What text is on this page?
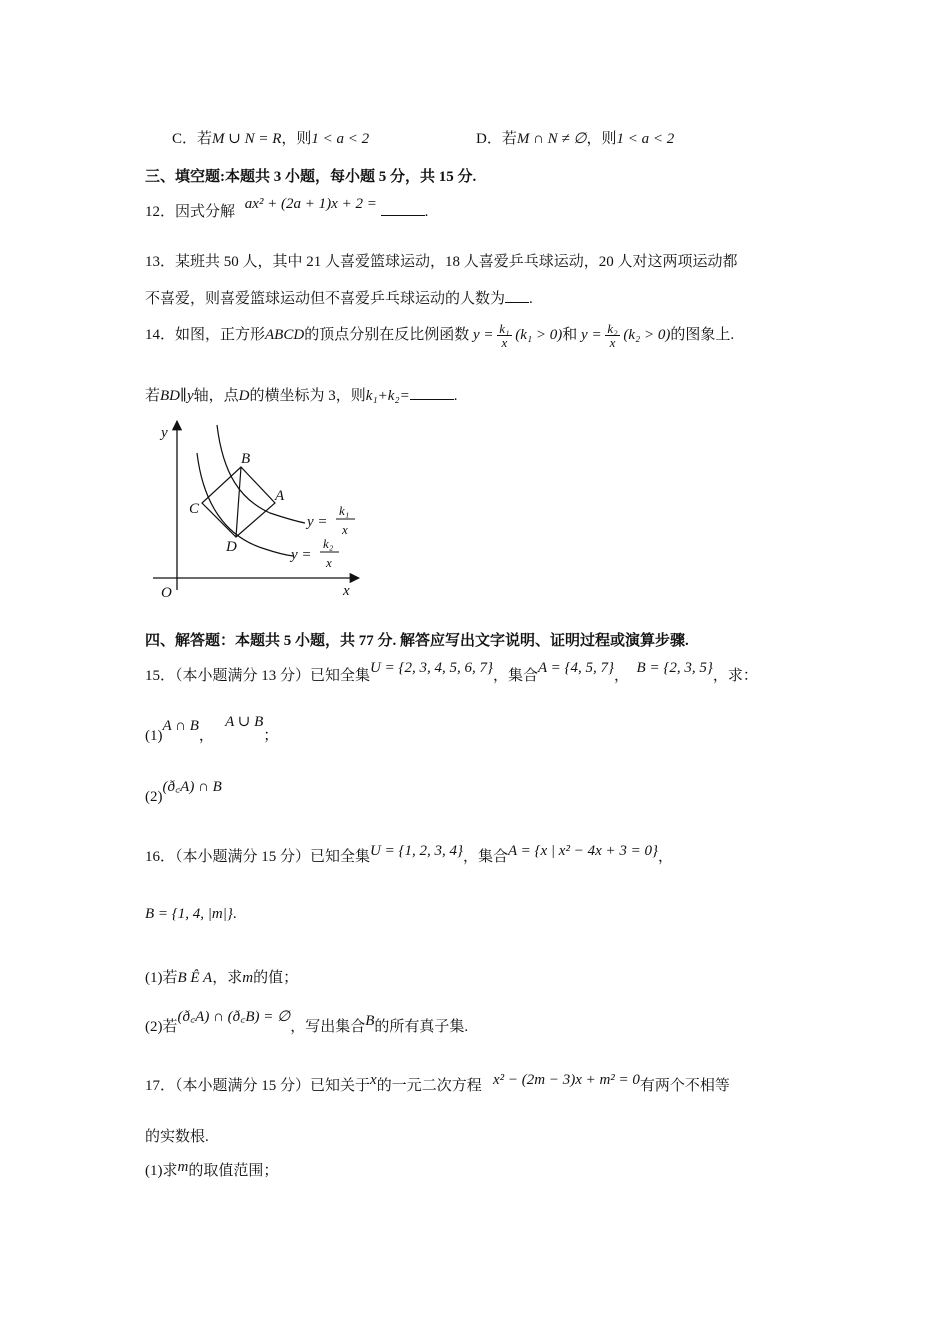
C．若M ∪ N = R，则1 < a < 2	D．若M ∩ N ≠ ∅，则1 < a < 2
三、填空题:本题共 3 小题，每小题 5 分，共 15 分.
12．因式分解 ax² + (2a + 1)x + 2 =	.
13．某班共 50 人，其中 21 人喜爱篮球运动，18 人喜爱乒乓球运动，20 人对这两项运动都
不喜爱，则喜爱篮球运动但不喜爱乒乓球运动的人数为 .
14．如图，正方形ABCD的顶点分别在反比例函数 $y = \frac{\text{k₁}}{x} (k_1 > 0)$和 $y = \frac{\text{k₂}}{x} (k_2 > 0)$的图象上.
若BD∥y轴，点D的横坐标为 3，则k₁+k₂=	.
y
x
O
A
B
C
D
y =
k₁
x
y =
k₂
x
四、解答题：本题共 5 小题，共 77 分. 解答应写出文字说明、证明过程或演算步骤.
15．（本小题满分 13 分）已知全集U = {2, 3, 4, 5, 6, 7}，集合A = {4, 5, 7}， B = {2, 3, 5}，求：
(1)A ∩ B，   A ∪ B；
(2)(ð꜀A) ∩ B
16．（本小题满分 15 分）已知全集U = {1, 2, 3, 4}，集合A = {x | x² − 4x + 3 = 0}，
B = {1, 4, |m|}.
(1)若B Ê A，求m的值；
(2)若(ð꜀A) ∩ (ð꜀B) = ∅，写出集合B的所有真子集.
17．（本小题满分 15 分）已知关于x的一元二次方程 x² − (2m − 3)x + m² = 0有两个不相等
的实数根.
(1)求m的取值范围；
